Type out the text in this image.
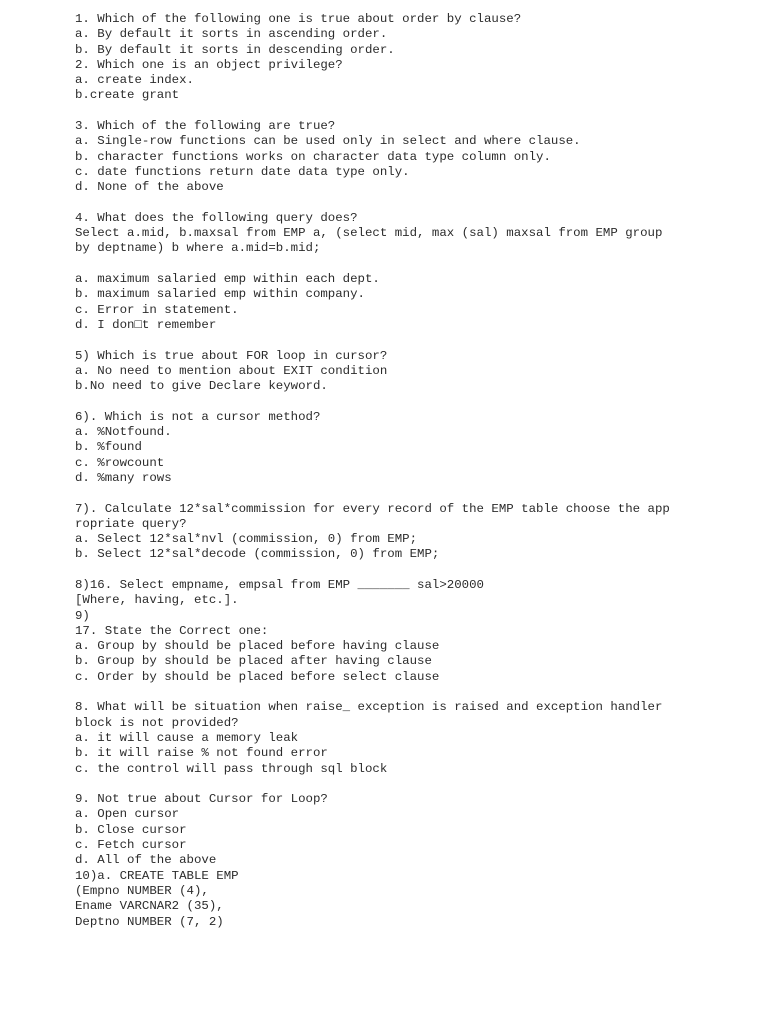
1. Which of the following one is true about order by clause?
a. By default it sorts in ascending order.
b. By default it sorts in descending order.
2. Which one is an object privilege?
a. create index.
b.create grant
3. Which of the following are true?
a. Single-row functions can be used only in select and where clause.
b. character functions works on character data type column only.
c. date functions return date data type only.
d. None of the above
4. What does the following query does?
Select a.mid, b.maxsal from EMP a, (select mid, max (sal) maxsal from EMP group
by deptname) b where a.mid=b.mid;
a. maximum salaried emp within each dept.
b. maximum salaried emp within company.
c. Error in statement.
d. I don□t remember
5) Which is true about FOR loop in cursor?
a. No need to mention about EXIT condition
b.No need to give Declare keyword.
6). Which is not a cursor method?
a. %Notfound.
b. %found
c. %rowcount
d. %many rows
7). Calculate 12*sal*commission for every record of the EMP table choose the app
ropriate query?
a. Select 12*sal*nvl (commission, 0) from EMP;
b. Select 12*sal*decode (commission, 0) from EMP;
8)16. Select empname, empsal from EMP _______ sal>20000
[Where, having, etc.].
9)
17. State the Correct one:
a. Group by should be placed before having clause
b. Group by should be placed after having clause
c. Order by should be placed before select clause
8. What will be situation when raise_ exception is raised and exception handler
block is not provided?
a. it will cause a memory leak
b. it will raise % not found error
c. the control will pass through sql block
9. Not true about Cursor for Loop?
a. Open cursor
b. Close cursor
c. Fetch cursor
d. All of the above
10)a. CREATE TABLE EMP
(Empno NUMBER (4),
Ename VARCNAR2 (35),
Deptno NUMBER (7, 2)
